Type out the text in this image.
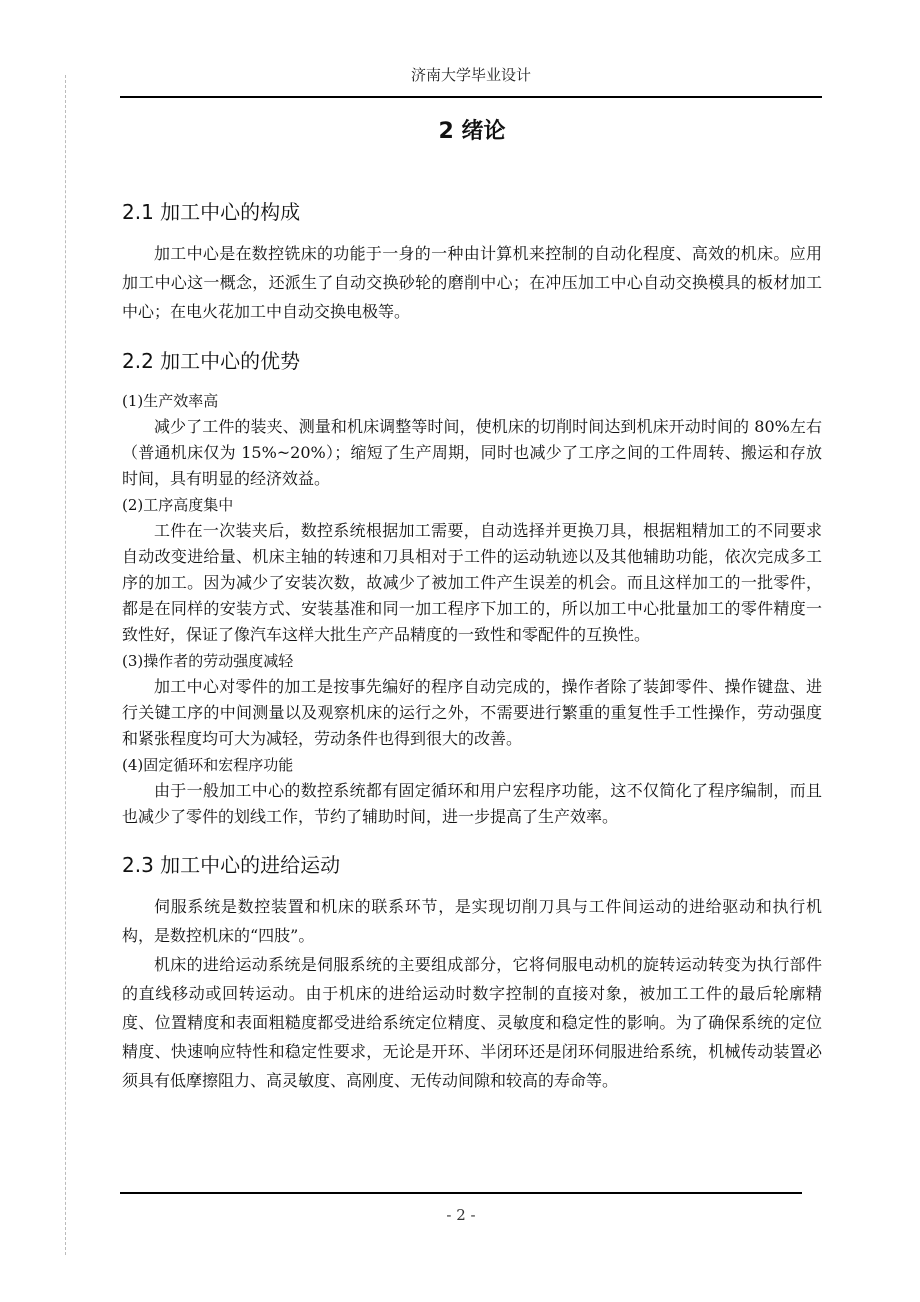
济南大学毕业设计
2 绪论
2.1 加工中心的构成

加工中心是在数控铣床的功能于一身的一种由计算机来控制的自动化程度、高效的机床。应用加工中心这一概念，还派生了自动交换砂轮的磨削中心；在冲压加工中心自动交换模具的板材加工中心；在电火花加工中自动交换电极等。

2.2 加工中心的优势

(1)生产效率高

减少了工件的装夹、测量和机床调整等时间，使机床的切削时间达到机床开动时间的 80%左右（普通机床仅为 15%~20%）；缩短了生产周期，同时也减少了工序之间的工件周转、搬运和存放时间，具有明显的经济效益。

(2)工序高度集中

工件在一次装夹后，数控系统根据加工需要，自动选择并更换刀具，根据粗精加工的不同要求自动改变进给量、机床主轴的转速和刀具相对于工件的运动轨迹以及其他辅助功能，依次完成多工序的加工。因为减少了安装次数，故减少了被加工件产生误差的机会。而且这样加工的一批零件，都是在同样的安装方式、安装基准和同一加工程序下加工的，所以加工中心批量加工的零件精度一致性好，保证了像汽车这样大批生产产品精度的一致性和零配件的互换性。

(3)操作者的劳动强度减轻

加工中心对零件的加工是按事先编好的程序自动完成的，操作者除了装卸零件、操作键盘、进行关键工序的中间测量以及观察机床的运行之外，不需要进行繁重的重复性手工性操作，劳动强度和紧张程度均可大为减轻，劳动条件也得到很大的改善。

(4)固定循环和宏程序功能

由于一般加工中心的数控系统都有固定循环和用户宏程序功能，这不仅简化了程序编制，而且也减少了零件的划线工作，节约了辅助时间，进一步提高了生产效率。

2.3 加工中心的进给运动

伺服系统是数控装置和机床的联系环节，是实现切削刀具与工件间运动的进给驱动和执行机构，是数控机床的“四肢”。

机床的进给运动系统是伺服系统的主要组成部分，它将伺服电动机的旋转运动转变为执行部件的直线移动或回转运动。由于机床的进给运动时数字控制的直接对象，被加工工件的最后轮廓精度、位置精度和表面粗糙度都受进给系统定位精度、灵敏度和稳定性的影响。为了确保系统的定位精度、快速响应特性和稳定性要求，无论是开环、半闭环还是闭环伺服进给系统，机械传动装置必须具有低摩擦阻力、高灵敏度、高刚度、无传动间隙和较高的寿命等。

- 2 -
